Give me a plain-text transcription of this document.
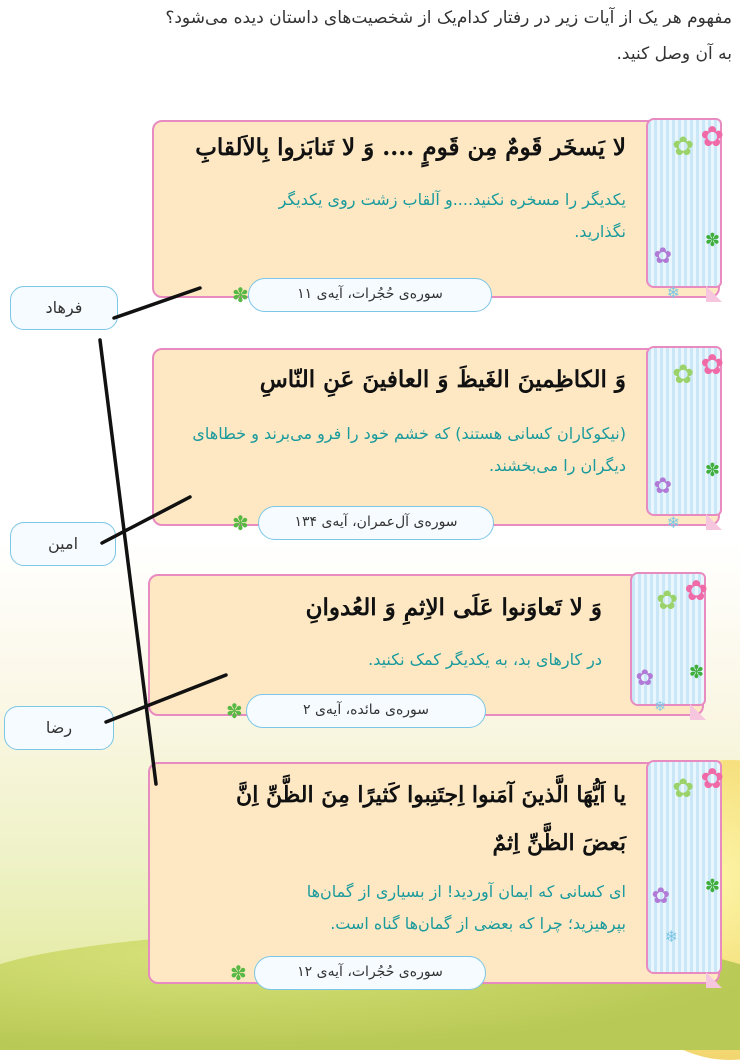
مفهوم هر یک از آیات زیر در رفتار کدام‌یک از شخصیت‌های داستان دیده می‌شود؟
به آن وصل کنید.
✿
✿
✽
✿
❄
لا یَسخَر قَومٌ مِن قَومٍ .... وَ لا تَنابَزوا بِالاَلقابِ
یکدیگر را مسخره نکنید....و آلقاب زشت روی یکدیگر نگذارید.
سوره‌ی حُجُرات، آیه‌ی ۱۱
✽
✿
✿
✽
✿
❄
وَ الکاظِمینَ الغَیظَ وَ العافینَ عَنِ النّاسِ
(نیکوکاران کسانی هستند) که خشم خود را فرو می‌برند و خطاهای دیگران را می‌بخشند.
سوره‌ی آل‌عمران، آیه‌ی ۱۳۴
✽
✿
✿
✽
✿
❄
وَ لا تَعاوَنوا عَلَی الاِثمِ وَ العُدوانِ
در کارهای بد، به یکدیگر کمک نکنید.
سوره‌ی مائده، آیه‌ی ۲
✽
✿
✿
✽
✿
❄
یا اَیُّهَا الَّذینَ آمَنوا اِجتَنِبوا کَثیرًا مِنَ الظَّنِّ اِنَّ
بَعضَ الظَّنِّ اِثمٌ
ای کسانی که ایمان آوردید! از بسیاری از گمان‌ها بپرهیزید؛ چرا که بعضی از گمان‌ها گناه است.
سوره‌ی حُجُرات، آیه‌ی ۱۲
✽
فرهاد
امین
رضا
